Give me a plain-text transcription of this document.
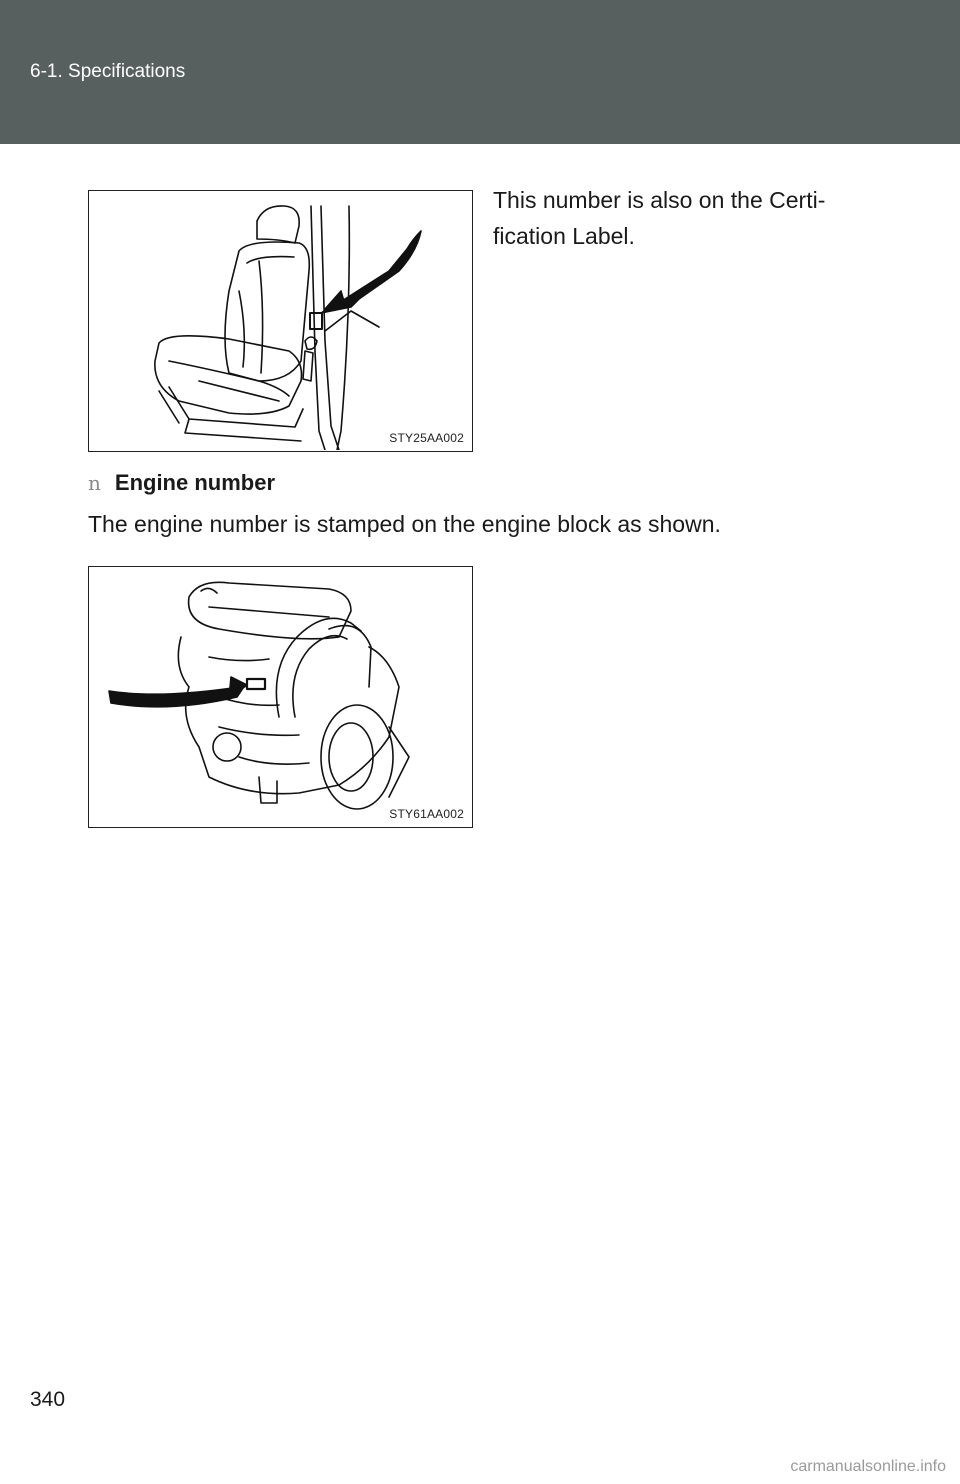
6-1. Specifications
STY25AA002
This number is also on the Certi-
fication Label.
n Engine number
The engine number is stamped on the engine block as shown.
STY61AA002
340
carmanualsonline.info
